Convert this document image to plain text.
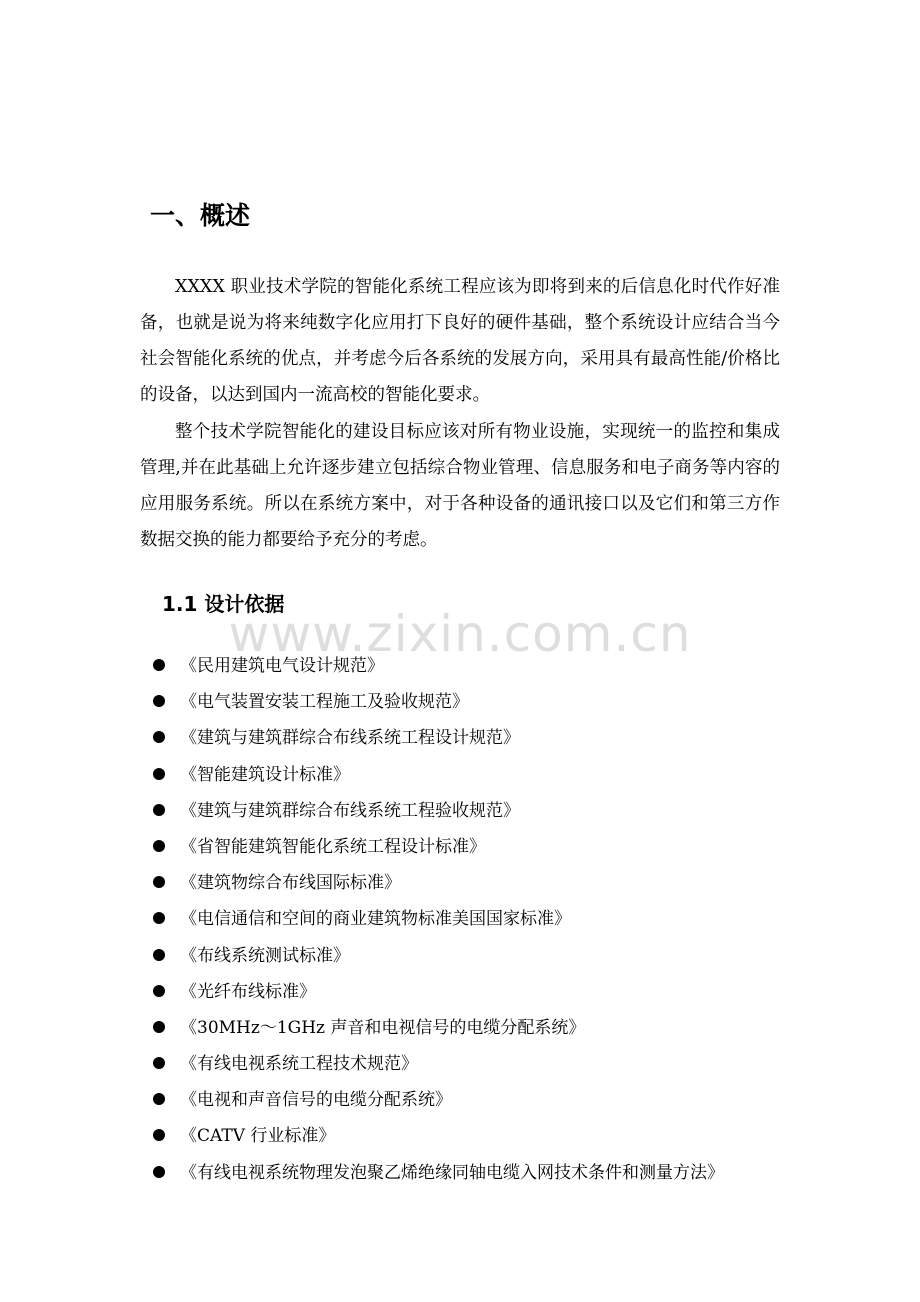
一、概述

XXXX 职业技术学院的智能化系统工程应该为即将到来的后信息化时代作好准备，也就是说为将来纯数字化应用打下良好的硬件基础，整个系统设计应结合当今社会智能化系统的优点，并考虑今后各系统的发展方向，采用具有最高性能/价格比的设备，以达到国内一流高校的智能化要求。

整个技术学院智能化的建设目标应该对所有物业设施，实现统一的监控和集成管理,并在此基础上允许逐步建立包括综合物业管理、信息服务和电子商务等内容的应用服务系统。所以在系统方案中，对于各种设备的通讯接口以及它们和第三方作数据交换的能力都要给予充分的考虑。

1.1 设计依据
www.zixin.com.cn
《民用建筑电气设计规范》
《电气装置安装工程施工及验收规范》
《建筑与建筑群综合布线系统工程设计规范》
《智能建筑设计标准》
《建筑与建筑群综合布线系统工程验收规范》
《省智能建筑智能化系统工程设计标准》
《建筑物综合布线国际标准》
《电信通信和空间的商业建筑物标准美国国家标准》
《布线系统测试标准》
《光纤布线标准》
《30MHz～1GHz 声音和电视信号的电缆分配系统》
《有线电视系统工程技术规范》
《电视和声音信号的电缆分配系统》
《CATV 行业标准》
《有线电视系统物理发泡聚乙烯绝缘同轴电缆入网技术条件和测量方法》
